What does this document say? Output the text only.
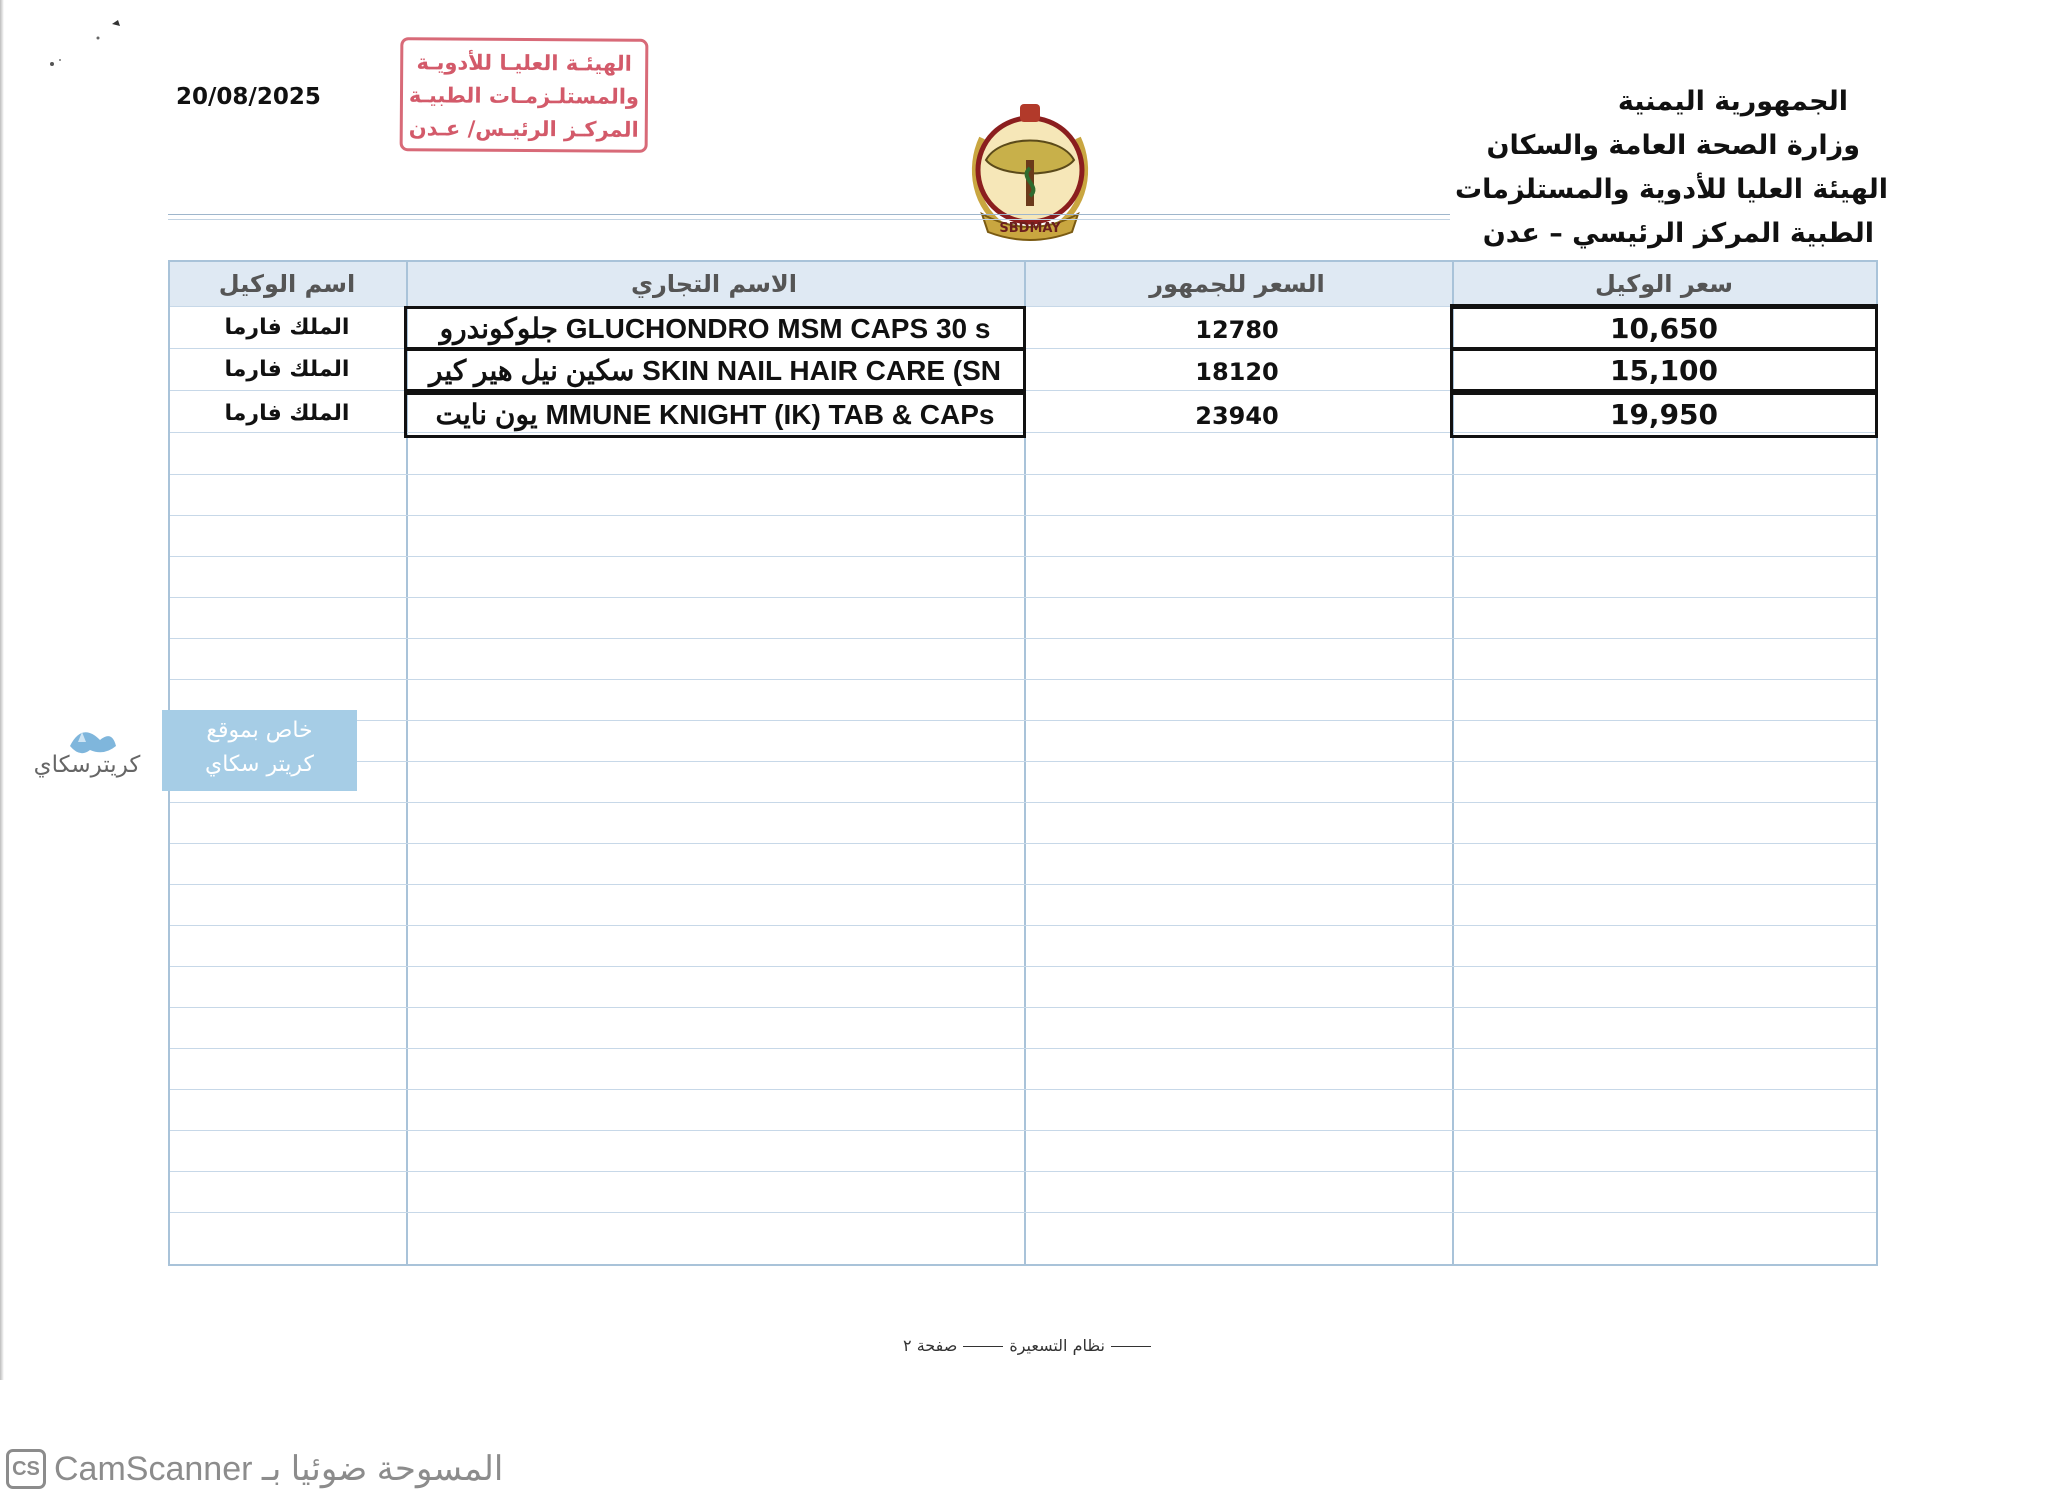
الجمهورية اليمنية
وزارة الصحة العامة والسكان
الهيئة العليا للأدوية والمستلزمات
الطبية المركز الرئيسي – عدن
20/08/2025
الهيئـة العليـا للأدويـة
والمستلـزمـات الطبيـة
المركـز الرئيـس/ عـدن
SBDMAY
اسم الوكيل	الاسم التجاري	السعر للجمهور	سعر الوكيل
الملك فارما	GLUCHONDRO MSM CAPS 30 s جلوكوندرو	12780	10,650
الملك فارما	SKIN NAIL HAIR CARE (SN سكين نيل هير كير	18120	15,100
الملك فارما	MMUNE KNIGHT (IK) TAB & CAPs يون نايت	23940	19,950
كريترسكاي
خاص بموقع
كريتر سكاي
نظام التسعيرةصفحة ٢
CS المسوحة ضوئيا بـ CamScanner
